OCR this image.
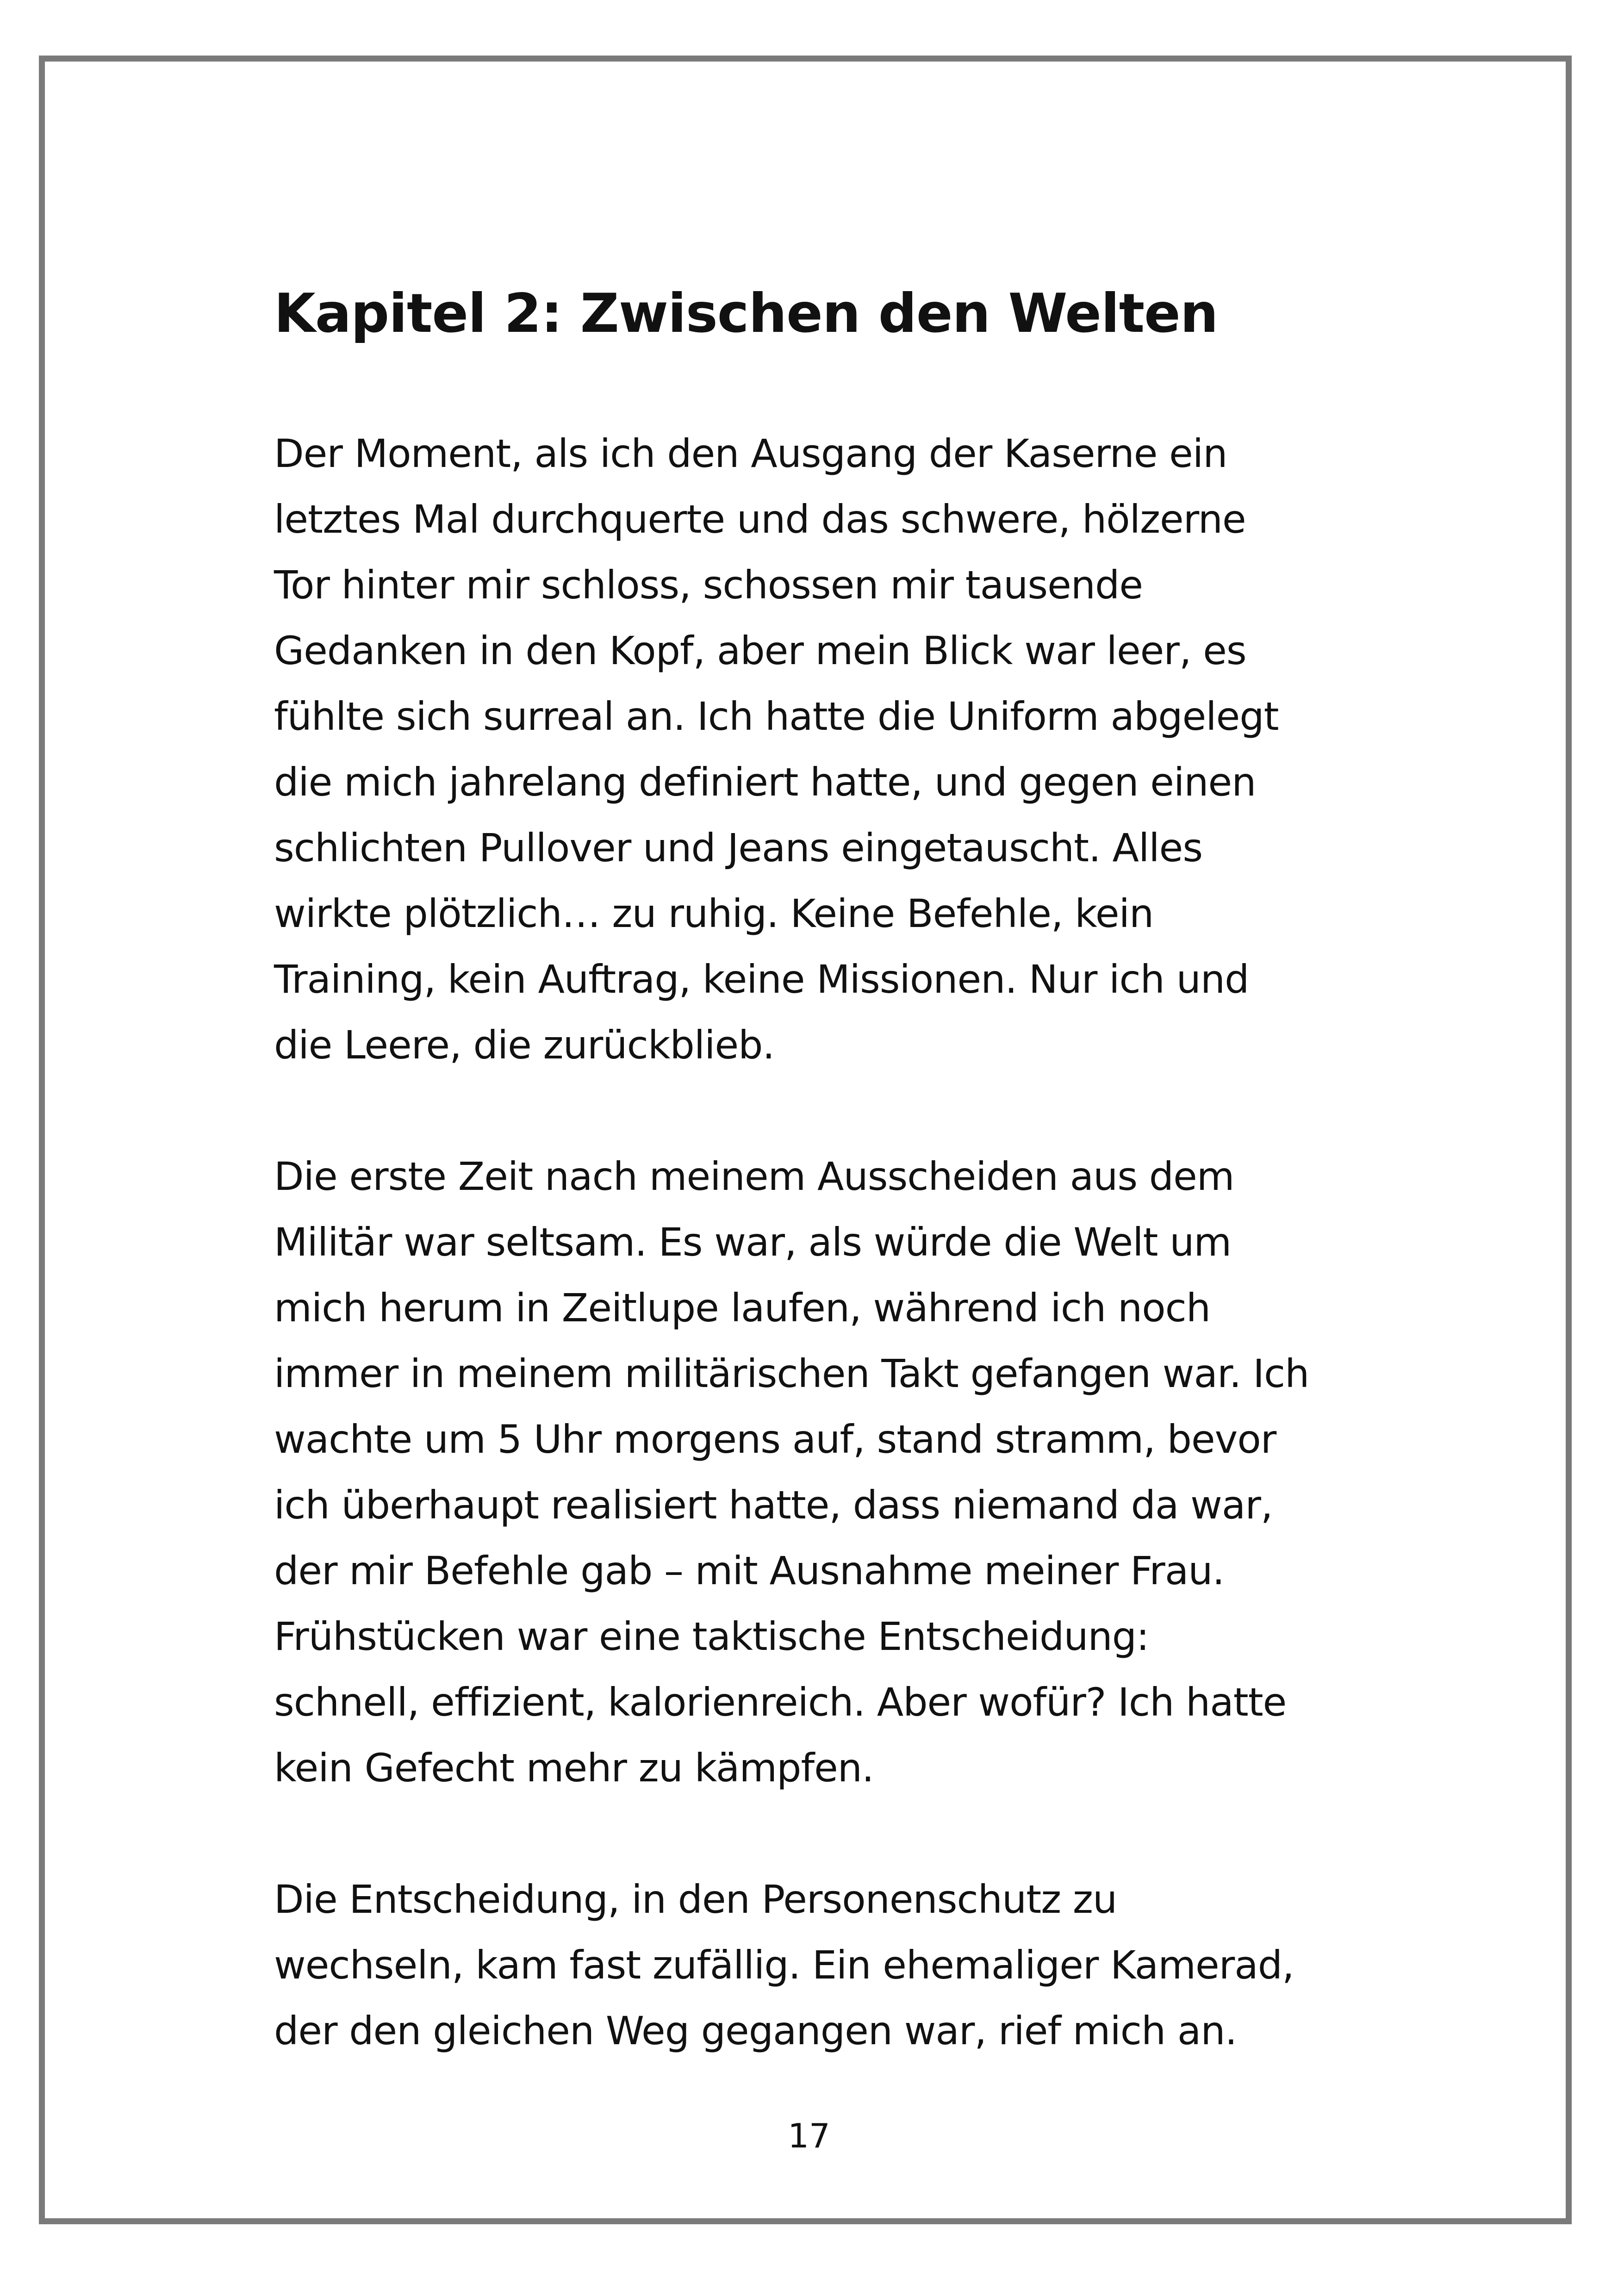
Kapitel 2: Zwischen den Welten

Der Moment, als ich den Ausgang der Kaserne ein

letztes Mal durchquerte und das schwere, hölzerne

Tor hinter mir schloss, schossen mir tausende

Gedanken in den Kopf, aber mein Blick war leer, es

fühlte sich surreal an. Ich hatte die Uniform abgelegt

die mich jahrelang definiert hatte, und gegen einen

schlichten Pullover und Jeans eingetauscht. Alles

wirkte plötzlich… zu ruhig. Keine Befehle, kein

Training, kein Auftrag, keine Missionen. Nur ich und

die Leere, die zurückblieb.

Die erste Zeit nach meinem Ausscheiden aus dem

Militär war seltsam. Es war, als würde die Welt um

mich herum in Zeitlupe laufen, während ich noch

immer in meinem militärischen Takt gefangen war. Ich

wachte um 5 Uhr morgens auf, stand stramm, bevor

ich überhaupt realisiert hatte, dass niemand da war,

der mir Befehle gab – mit Ausnahme meiner Frau.

Frühstücken war eine taktische Entscheidung:

schnell, effizient, kalorienreich. Aber wofür? Ich hatte

kein Gefecht mehr zu kämpfen.

Die Entscheidung, in den Personenschutz zu

wechseln, kam fast zufällig. Ein ehemaliger Kamerad,

der den gleichen Weg gegangen war, rief mich an.

17
